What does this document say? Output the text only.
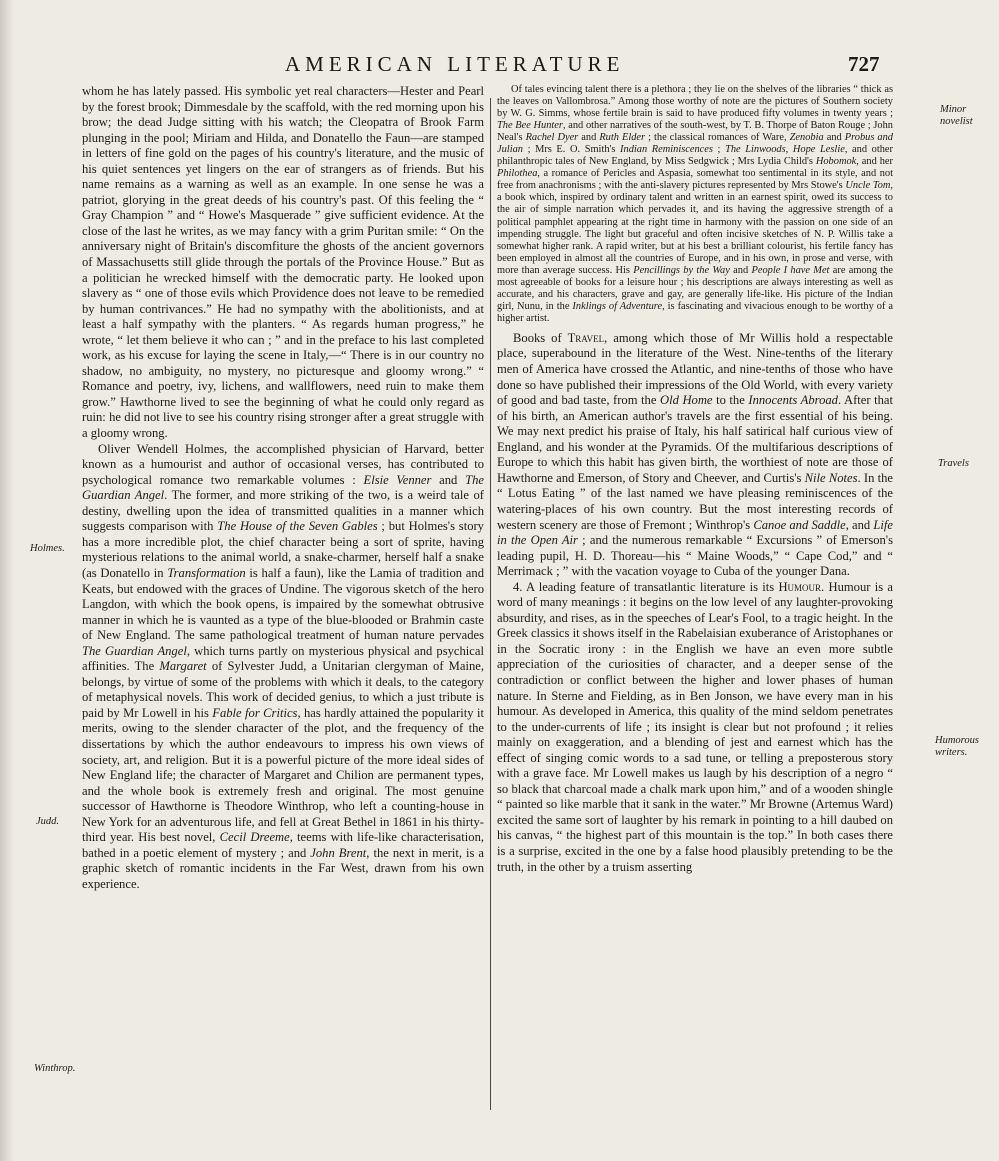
AMERICAN LITERATURE	727

whom he has lately passed. His symbolic yet real characters—Hester and Pearl by the forest brook; Dimmesdale by the scaffold, with the red morning upon his brow; the dead Judge sitting with his watch; the Cleopatra of Brook Farm plunging in the pool; Miriam and Hilda, and Donatello the Faun—are stamped in letters of fine gold on the pages of his country's literature, and the music of his quiet sentences yet lingers on the ear of strangers as of friends. But his name remains as a warning as well as an example. In one sense he was a patriot, glorying in the great deeds of his country's past. Of this feeling the “ Gray Champion ” and “ Howe's Masquerade ” give sufficient evidence. At the close of the last he writes, as we may fancy with a grim Puritan smile: “ On the anniversary night of Britain's discomfiture the ghosts of the ancient governors of Massachusetts still glide through the portals of the Province House.” But as a politician he wrecked himself with the democratic party. He looked upon slavery as “ one of those evils which Providence does not leave to be remedied by human contrivances.” He had no sympathy with the abolitionists, and at least a half sympathy with the planters. “ As regards human progress,” he wrote, “ let them believe it who can ; ” and in the preface to his last completed work, as his excuse for laying the scene in Italy,—“ There is in our country no shadow, no ambiguity, no mystery, no picturesque and gloomy wrong.” “ Romance and poetry, ivy, lichens, and wallflowers, need ruin to make them grow.” Hawthorne lived to see the beginning of what he could only regard as ruin: he did not live to see his country rising stronger after a great struggle with a gloomy wrong.

Oliver Wendell Holmes, the accomplished physician of Harvard, better known as a humourist and author of occasional verses, has contributed to psychological romance two remarkable volumes : Elsie Venner and The Guardian Angel. The former, and more striking of the two, is a weird tale of destiny, dwelling upon the idea of transmitted qualities in a manner which suggests comparison with The House of the Seven Gables ; but Holmes's story has a more incredible plot, the chief character being a sort of sprite, having mysterious relations to the animal world, a snake-charmer, herself half a snake (as Donatello in Transformation is half a faun), like the Lamia of tradition and Keats, but endowed with the graces of Undine. The vigorous sketch of the hero Langdon, with which the book opens, is impaired by the somewhat obtrusive manner in which he is vaunted as a type of the blue-blooded or Brahmin caste of New England. The same pathological treatment of human nature pervades The Guardian Angel, which turns partly on mysterious physical and psychical affinities. The Margaret of Sylvester Judd, a Unitarian clergyman of Maine, belongs, by virtue of some of the problems with which it deals, to the category of metaphysical novels. This work of decided genius, to which a just tribute is paid by Mr Lowell in his Fable for Critics, has hardly attained the popularity it merits, owing to the slender character of the plot, and the frequency of the dissertations by which the author endeavours to impress his own views of society, art, and religion. But it is a powerful picture of the more ideal sides of New England life; the character of Margaret and Chilion are permanent types, and the whole book is extremely fresh and original. The most genuine successor of Hawthorne is Theodore Winthrop, who left a counting-house in New York for an adventurous life, and fell at Great Bethel in 1861 in his thirty-third year. His best novel, Cecil Dreeme, teems with life-like characterisation, bathed in a poetic element of mystery ; and John Brent, the next in merit, is a graphic sketch of romantic incidents in the Far West, drawn from his own experience.

Of tales evincing talent there is a plethora ; they lie on the shelves of the libraries “ thick as the leaves on Vallombrosa.” Among those worthy of note are the pictures of Southern society by W. G. Simms, whose fertile brain is said to have produced fifty volumes in twenty years ; The Bee Hunter, and other narratives of the south-west, by T. B. Thorpe of Baton Rouge ; John Neal's Rachel Dyer and Ruth Elder ; the classical romances of Ware, Zenobia and Probus and Julian ; Mrs E. O. Smith's Indian Reminiscences ; The Linwoods, Hope Leslie, and other philanthropic tales of New England, by Miss Sedgwick ; Mrs Lydia Child's Hobomok, and her Philothea, a romance of Pericles and Aspasia, somewhat too sentimental in its style, and not free from anachronisms ; with the anti-slavery pictures represented by Mrs Stowe's Uncle Tom, a book which, inspired by ordinary talent and written in an earnest spirit, owed its success to the air of simple narration which pervades it, and its having the aggressive strength of a political pamphlet appearing at the right time in harmony with the passion on one side of an impending struggle. The light but graceful and often incisive sketches of N. P. Willis take a somewhat higher rank. A rapid writer, but at his best a brilliant colourist, his fertile fancy has been employed in almost all the countries of Europe, and in his own, in prose and verse, with more than average success. His Pencillings by the Way and People I have Met are among the most agreeable of books for a leisure hour ; his descriptions are always interesting as well as accurate, and his characters, grave and gay, are generally life-like. His picture of the Indian girl, Nunu, in the Inklings of Adventure, is fascinating and vivacious enough to be worthy of a higher artist.

Books of Travel, among which those of Mr Willis hold a respectable place, superabound in the literature of the West. Nine-tenths of the literary men of America have crossed the Atlantic, and nine-tenths of those who have done so have published their impressions of the Old World, with every variety of good and bad taste, from the Old Home to the Innocents Abroad. After that of his birth, an American author's travels are the first essential of his being. We may next predict his praise of Italy, his half satirical half curious view of England, and his wonder at the Pyramids. Of the multifarious descriptions of Europe to which this habit has given birth, the worthiest of note are those of Hawthorne and Emerson, of Story and Cheever, and Curtis's Nile Notes. In the “ Lotus Eating ” of the last named we have pleasing reminiscences of the watering-places of his own country. But the most interesting records of western scenery are those of Fremont ; Winthrop's Canoe and Saddle, and Life in the Open Air ; and the numerous remarkable “ Excursions ” of Emerson's leading pupil, H. D. Thoreau—his “ Maine Woods,” “ Cape Cod,” and “ Merrimack ; ” with the vacation voyage to Cuba of the younger Dana.

4. A leading feature of transatlantic literature is its Humour. Humour is a word of many meanings : it begins on the low level of any laughter-provoking absurdity, and rises, as in the speeches of Lear's Fool, to a tragic height. In the Greek classics it shows itself in the Rabelaisian exuberance of Aristophanes or in the Socratic irony : in the English we have an even more subtle appreciation of the curiosities of character, and a deeper sense of the contradiction or conflict between the higher and lower phases of human nature. In Sterne and Fielding, as in Ben Jonson, we have every man in his humour. As developed in America, this quality of the mind seldom penetrates to the under-currents of life ; its insight is clear but not profound ; it relies mainly on exaggeration, and a blending of jest and earnest which has the effect of singing comic words to a sad tune, or telling a preposterous story with a grave face. Mr Lowell makes us laugh by his description of a negro “ so black that charcoal made a chalk mark upon him,” and of a wooden shingle “ painted so like marble that it sank in the water.” Mr Browne (Artemus Ward) excited the same sort of laughter by his remark in pointing to a hill daubed on his canvas, “ the highest part of this mountain is the top.” In both cases there is a surprise, excited in the one by a false hood plausibly pretending to be the truth, in the other by a truism asserting

Holmes.
Judd.
Winthrop.
Minor
novelist
Travels
Humorous
writers.
